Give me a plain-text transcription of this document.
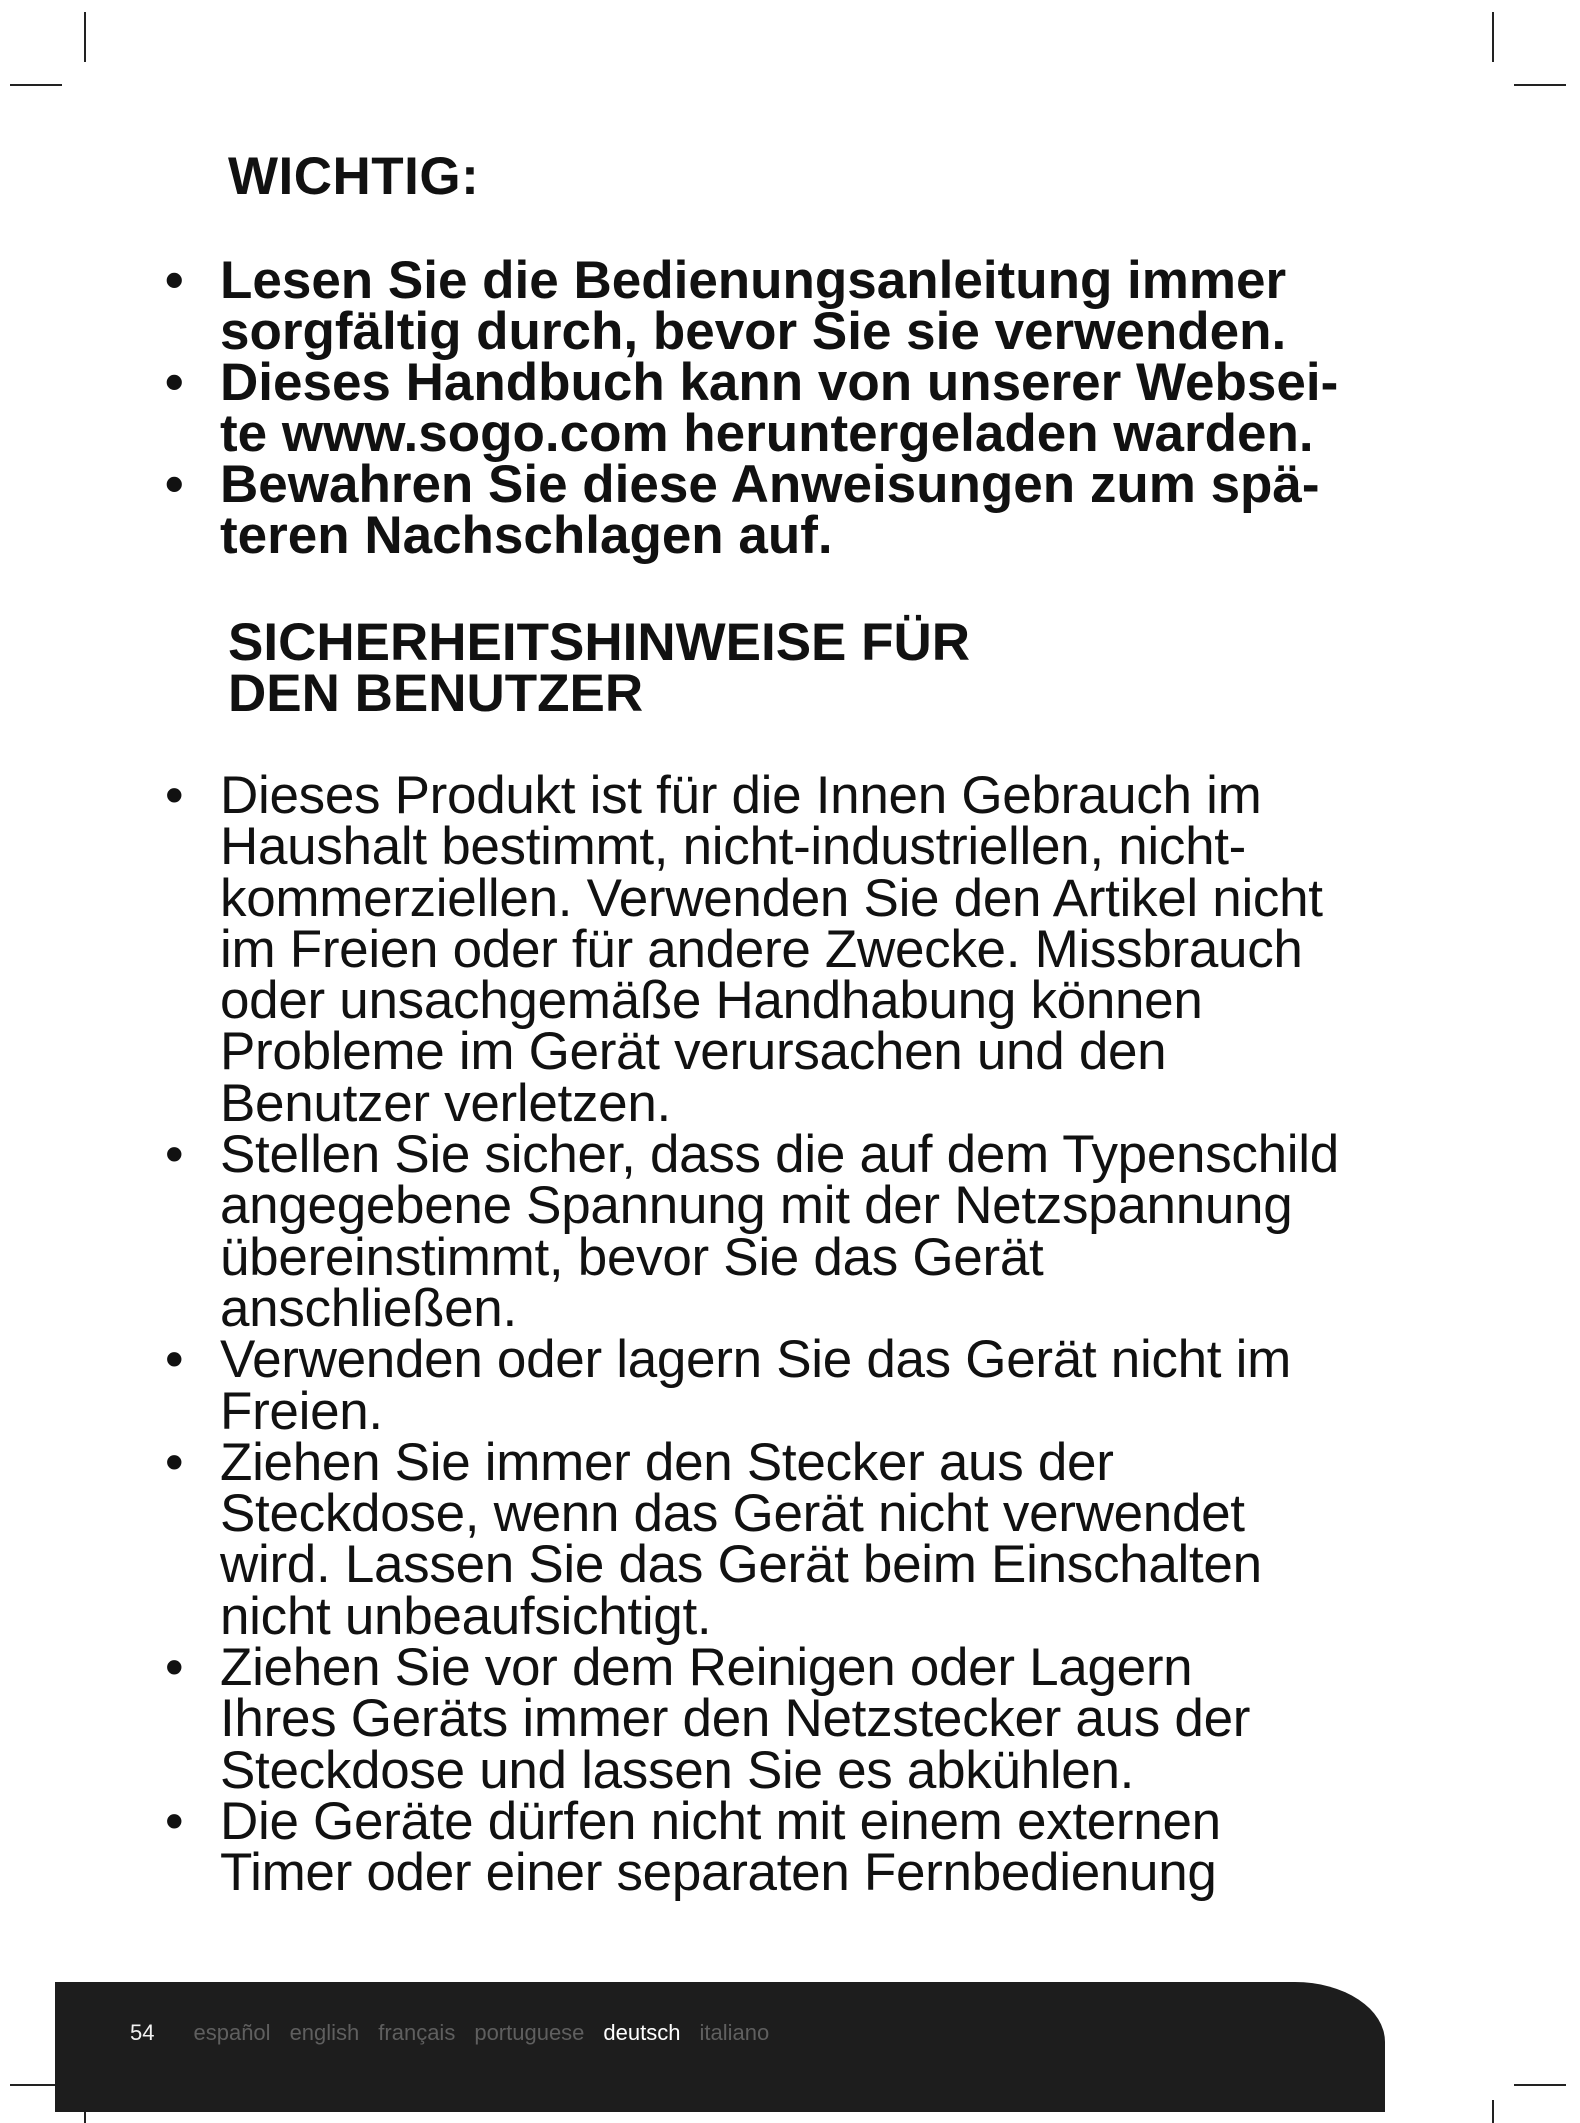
WICHTIG:
• Lesen Sie die Bedienungsanleitung immer
sorgfältig durch, bevor Sie sie verwenden.
• Dieses Handbuch kann von unserer Websei-
te www.sogo.com heruntergeladen warden.
• Bewahren Sie diese Anweisungen zum spä-
teren Nachschlagen auf.
SICHERHEITSHINWEISE FÜR
DEN BENUTZER
• Dieses Produkt ist für die Innen Gebrauch im
Haushalt bestimmt, nicht-industriellen, nicht-
kommerziellen. Verwenden Sie den Artikel nicht
im Freien oder für andere Zwecke. Missbrauch
oder unsachgemäße Handhabung können
Probleme im Gerät verursachen und den
Benutzer verletzen.
• Stellen Sie sicher, dass die auf dem Typenschild
angegebene Spannung mit der Netzspannung
übereinstimmt, bevor Sie das Gerät
anschließen.
• Verwenden oder lagern Sie das Gerät nicht im
Freien.
• Ziehen Sie immer den Stecker aus der
Steckdose, wenn das Gerät nicht verwendet
wird. Lassen Sie das Gerät beim Einschalten
nicht unbeaufsichtigt.
• Ziehen Sie vor dem Reinigen oder Lagern
Ihres Geräts immer den Netzstecker aus der
Steckdose und lassen Sie es abkühlen.
• Die Geräte dürfen nicht mit einem externen
Timer oder einer separaten Fernbedienung
54 español english français portuguese deutsch italiano
